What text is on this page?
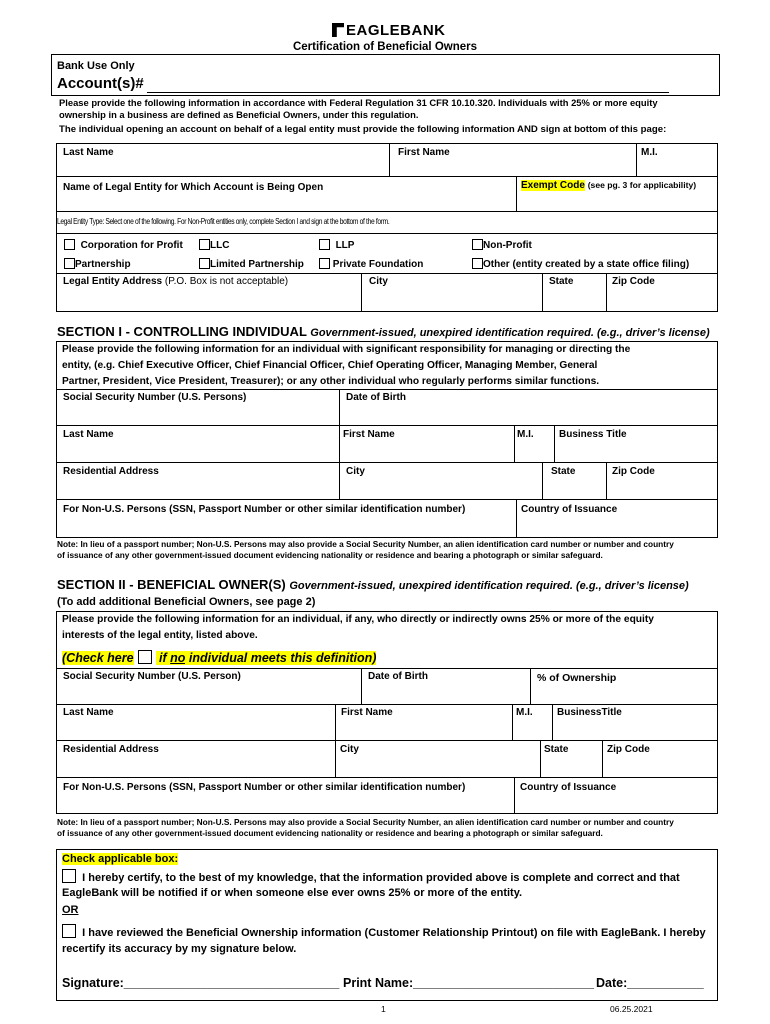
EAGLEBANK
Certification of Beneficial Owners
Bank Use Only
Account(s)#
Please provide the following information in accordance with Federal Regulation 31 CFR 10.10.320. Individuals with 25% or more equity
ownership in a business are defined as Beneficial Owners, under this regulation.
The individual opening an account on behalf of a legal entity must provide the following information AND sign at bottom of this page:
Last Name	First Name	M.I.
Name of Legal Entity for Which Account is Being Open	Exempt Code (see pg. 3 for applicability)
Legal Entity Type: Select one of the following. For Non-Profit entities only, complete Section I and sign at the bottom of the form.
Corporation for Profit	LLC	LLP	Non-Profit
Partnership	Limited Partnership	Private Foundation	Other (entity created by a state office filing)
Legal Entity Address (P.O. Box is not acceptable)	City	State	Zip Code
SECTION I - CONTROLLING INDIVIDUAL Government-issued, unexpired identification required. (e.g., driver’s license)
Please provide the following information for an individual with significant responsibility for managing or directing the
entity, (e.g. Chief Executive Officer, Chief Financial Officer, Chief Operating Officer, Managing Member, General
Partner, President, Vice President, Treasurer); or any other individual who regularly performs similar functions.
Social Security Number (U.S. Persons)	Date of Birth
Last Name	First Name	M.I.	Business Title
Residential Address	City	State	Zip Code
For Non-U.S. Persons (SSN, Passport Number or other similar identification number)	Country of Issuance
Note: In lieu of a passport number; Non-U.S. Persons may also provide a Social Security Number, an alien identification card number or number and country
of issuance of any other government-issued document evidencing nationality or residence and bearing a photograph or similar safeguard.
SECTION II - BENEFICIAL OWNER(S) Government-issued, unexpired identification required. (e.g., driver’s license)
(To add additional Beneficial Owners, see page 2)
Please provide the following information for an individual, if any, who directly or indirectly owns 25% or more of the equity
interests of the legal entity, listed above.
(Check here if no individual meets this definition)
Social Security Number (U.S. Person)	Date of Birth	% of Ownership
Last Name	First Name	M.I. BusinessTitle
Residential Address	City	State	Zip Code
For Non-U.S. Persons (SSN, Passport Number or other similar identification number)	Country of Issuance
Note: In lieu of a passport number; Non-U.S. Persons may also provide a Social Security Number, an alien identification card number or number and country
of issuance of any other government-issued document evidencing nationality or residence and bearing a photograph or similar safeguard.
Check applicable box:
I hereby certify, to the best of my knowledge, that the information provided above is complete and correct and that
EagleBank will be notified if or when someone else ever owns 25% or more of the entity.
OR
I have reviewed the Beneficial Ownership information (Customer Relationship Printout) on file with EagleBank. I hereby
recertify its accuracy by my signature below.
Signature:_______________________________ Print Name:__________________________ Date:___________
1	06.25.2021
